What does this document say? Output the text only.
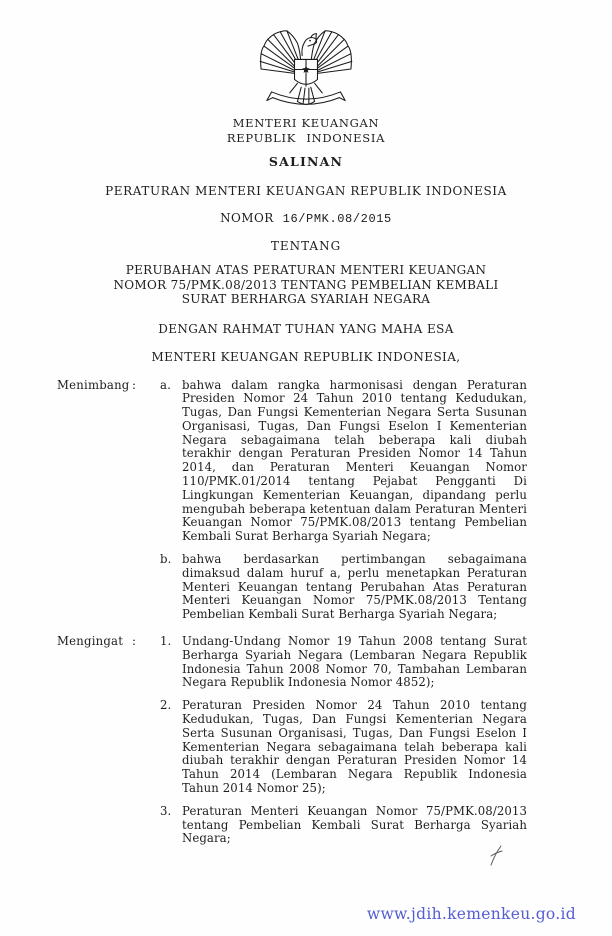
MENTERI KEUANGAN
REPUBLIK INDONESIA
SALINAN
PERATURAN MENTERI KEUANGAN REPUBLIK INDONESIA
NOMOR 16/PMK.08/2015
TENTANG
PERUBAHAN ATAS PERATURAN MENTERI KEUANGAN
NOMOR 75/PMK.08/2013 TENTANG PEMBELIAN KEMBALI
SURAT BERHARGA SYARIAH NEGARA
DENGAN RAHMAT TUHAN YANG MAHA ESA
MENTERI KEUANGAN REPUBLIK INDONESIA,
Menimbang :	a. bahwa dalam rangka harmonisasi dengan Peraturan Presiden Nomor 24 Tahun 2010 tentang Kedudukan, Tugas, Dan Fungsi Kementerian Negara Serta Susunan Organisasi, Tugas, Dan Fungsi Eselon I Kementerian Negara sebagaimana telah beberapa kali diubah terakhir dengan Peraturan Presiden Nomor 14 Tahun 2014, dan Peraturan Menteri Keuangan Nomor 110/PMK.01/2014 tentang Pejabat Pengganti Di Lingkungan Kementerian Keuangan, dipandang perlu mengubah beberapa ketentuan dalam Peraturan Menteri Keuangan Nomor 75/PMK.08/2013 tentang Pembelian Kembali Surat Berharga Syariah Negara;

b. bahwa berdasarkan pertimbangan sebagaimana dimaksud dalam huruf a, perlu menetapkan Peraturan Menteri Keuangan tentang Perubahan Atas Peraturan Menteri Keuangan Nomor 75/PMK.08/2013 Tentang Pembelian Kembali Surat Berharga Syariah Negara;

Mengingat :	1. Undang-Undang Nomor 19 Tahun 2008 tentang Surat Berharga Syariah Negara (Lembaran Negara Republik Indonesia Tahun 2008 Nomor 70, Tambahan Lembaran Negara Republik Indonesia Nomor 4852);

2. Peraturan Presiden Nomor 24 Tahun 2010 tentang Kedudukan, Tugas, Dan Fungsi Kementerian Negara Serta Susunan Organisasi, Tugas, Dan Fungsi Eselon I Kementerian Negara sebagaimana telah beberapa kali diubah terakhir dengan Peraturan Presiden Nomor 14 Tahun 2014 (Lembaran Negara Republik Indonesia Tahun 2014 Nomor 25);

3. Peraturan Menteri Keuangan Nomor 75/PMK.08/2013 tentang Pembelian Kembali Surat Berharga Syariah Negara;

www.jdih.kemenkeu.go.id
